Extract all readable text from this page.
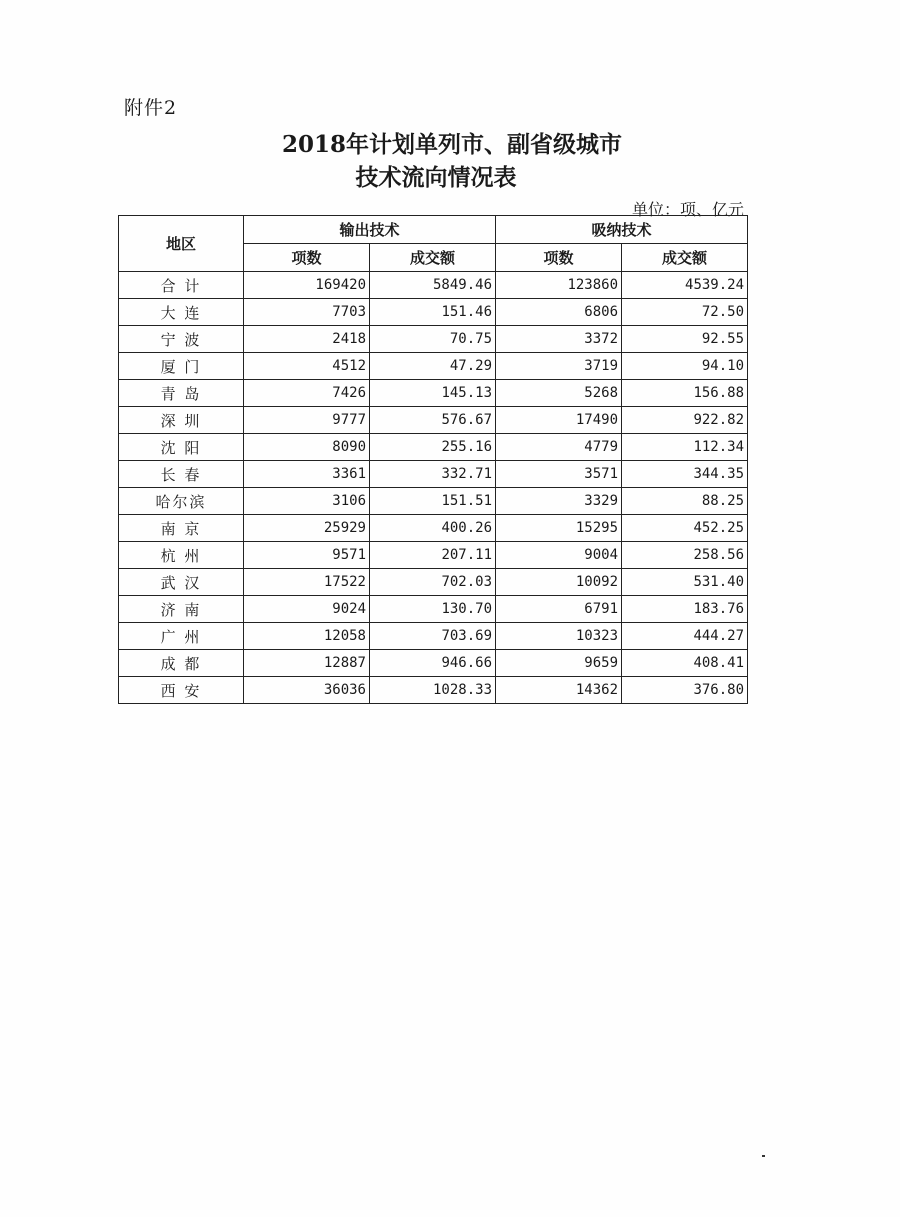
附件2
2018年计划单列市、副省级城市
技术流向情况表
单位：项、亿元
地区	输出技术		吸纳技术	
	项数	成交额	项数	成交额
合 计	169420	5849.46	123860	4539.24
大 连	7703	151.46	6806	72.50
宁 波	2418	70.75	3372	92.55
厦 门	4512	47.29	3719	94.10
青 岛	7426	145.13	5268	156.88
深 圳	9777	576.67	17490	922.82
沈 阳	8090	255.16	4779	112.34
长 春	3361	332.71	3571	344.35
哈尔滨	3106	151.51	3329	88.25
南 京	25929	400.26	15295	452.25
杭 州	9571	207.11	9004	258.56
武 汉	17522	702.03	10092	531.40
济 南	9024	130.70	6791	183.76
广 州	12058	703.69	10323	444.27
成 都	12887	946.66	9659	408.41
西 安	36036	1028.33	14362	376.80
